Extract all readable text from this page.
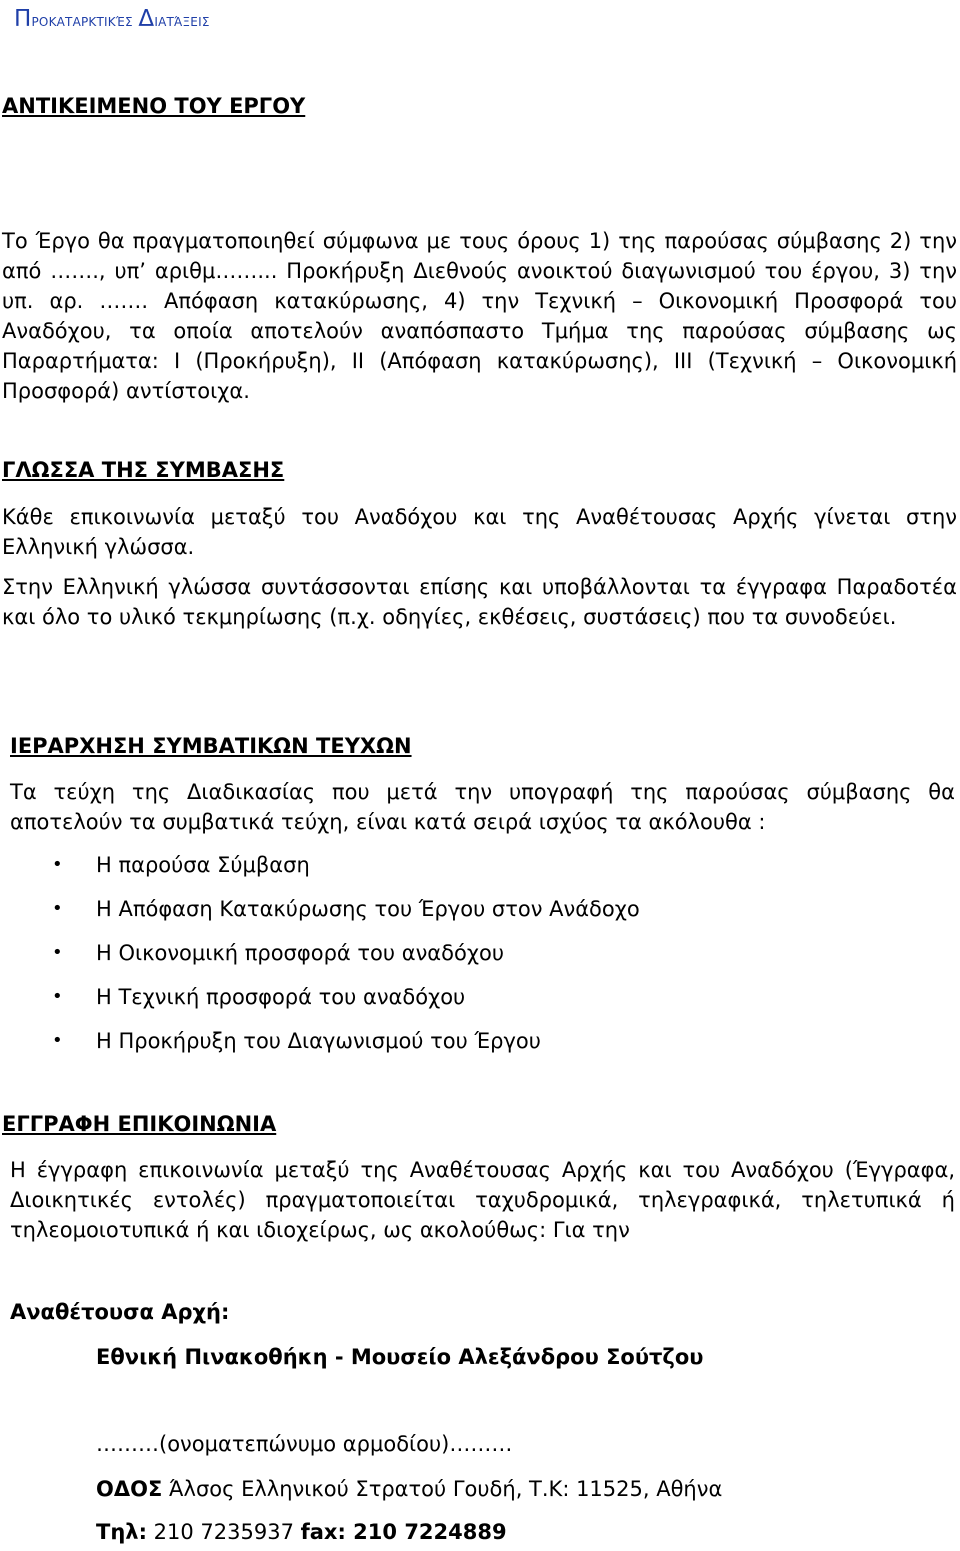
Προκαταρκτικές Διατάξεις
ΑΝΤΙΚΕΙΜΕΝΟ ΤΟΥ ΕΡΓΟΥ

Το Έργο θα πραγματοποιηθεί σύμφωνα με τους όρους 1) της παρούσας σύμβασης 2) την

από ……., υπ’ αριθμ……... Προκήρυξη Διεθνούς ανοικτού διαγωνισμού του έργου, 3) την

υπ. αρ. ……. Απόφαση κατακύρωσης, 4) την Τεχνική – Οικονομική Προσφορά του

Αναδόχου, τα οποία αποτελούν αναπόσπαστο Τμήμα της παρούσας σύμβασης ως

Παραρτήματα: Ι (Προκήρυξη), ΙΙ (Απόφαση κατακύρωσης), ΙΙΙ (Τεχνική – Οικονομική

Προσφορά) αντίστοιχα.

ΓΛΩΣΣΑ ΤΗΣ ΣΥΜΒΑΣΗΣ

Κάθε επικοινωνία μεταξύ του Αναδόχου και της Αναθέτουσας Αρχής γίνεται στην

Ελληνική γλώσσα.

Στην Ελληνική γλώσσα συντάσσονται επίσης και υποβάλλονται τα έγγραφα Παραδοτέα

και όλο το υλικό τεκμηρίωσης (π.χ. οδηγίες, εκθέσεις, συστάσεις) που τα συνοδεύει.

ΙΕΡΑΡΧΗΣΗ ΣΥΜΒΑΤΙΚΩΝ ΤΕΥΧΩΝ

Τα τεύχη της Διαδικασίας που μετά την υπογραφή της παρούσας σύμβασης θα

αποτελούν τα συμβατικά τεύχη, είναι κατά σειρά ισχύος τα ακόλουθα :

• Η παρούσα Σύμβαση
• Η Απόφαση Κατακύρωσης του Έργου στον Ανάδοχο
• Η Οικονομική προσφορά του αναδόχου
• Η Τεχνική προσφορά του αναδόχου
• Η Προκήρυξη του Διαγωνισμού του Έργου
ΕΓΓΡΑΦΗ ΕΠΙΚΟΙΝΩΝΙΑ

Η έγγραφη επικοινωνία μεταξύ της Αναθέτουσας Αρχής και του Αναδόχου (Έγγραφα,

Διοικητικές εντολές) πραγματοποιείται ταχυδρομικά, τηλεγραφικά, τηλετυπικά ή

τηλεομοιοτυπικά ή και ιδιοχείρως, ως ακολούθως: Για την

Αναθέτουσα Αρχή:
Εθνική Πινακοθήκη - Μουσείο Αλεξάνδρου Σούτζου
………(ονοματεπώνυμο αρμοδίου)………
ΟΔΟΣ Άλσος Ελληνικού Στρατού Γουδή, Τ.Κ: 11525, Αθήνα
Τηλ: 210 7235937 fax: 210 7224889
